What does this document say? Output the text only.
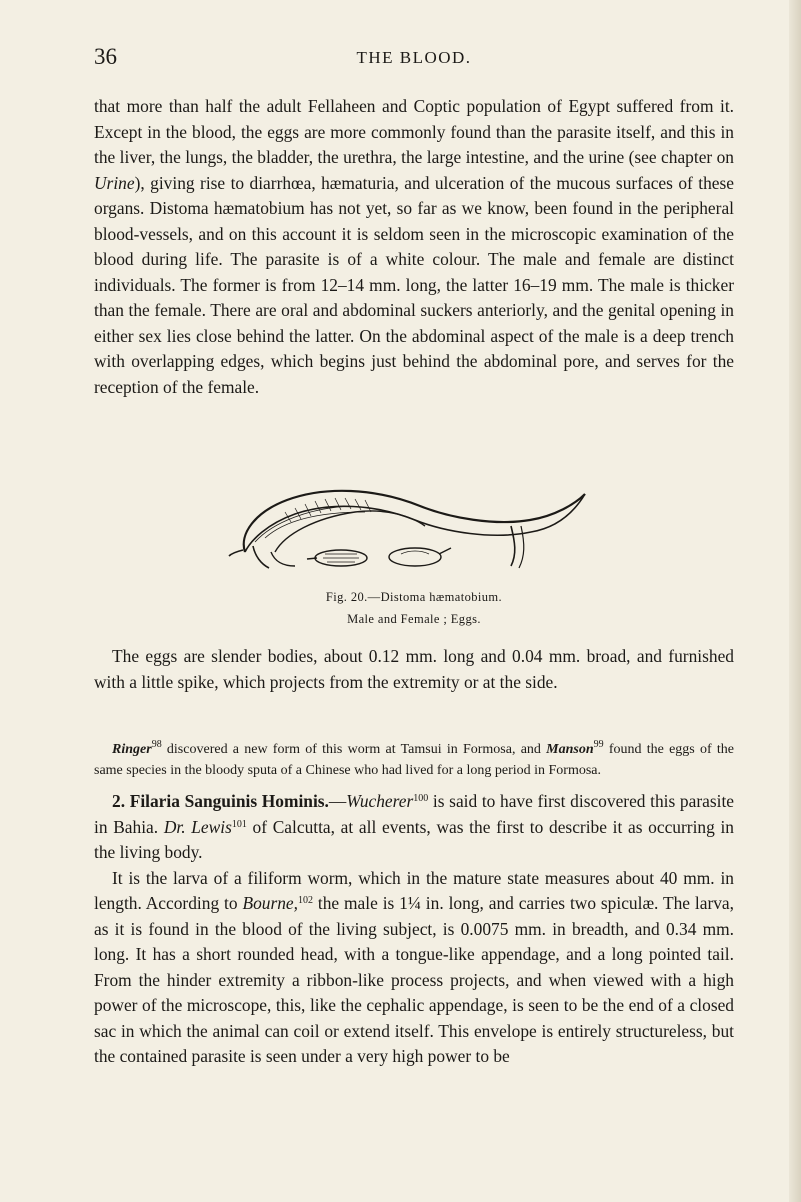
36	THE BLOOD.

that more than half the adult Fellaheen and Coptic population of Egypt suffered from it. Except in the blood, the eggs are more commonly found than the parasite itself, and this in the liver, the lungs, the bladder, the urethra, the large intestine, and the urine (see chapter on Urine), giving rise to diarrhœa, hæmaturia, and ulceration of the mucous surfaces of these organs. Distoma hæmatobium has not yet, so far as we know, been found in the peripheral blood-vessels, and on this account it is seldom seen in the microscopic examination of the blood during life. The parasite is of a white colour. The male and female are distinct individuals. The former is from 12–14 mm. long, the latter 16–19 mm. The male is thicker than the female. There are oral and abdominal suckers anteriorly, and the genital opening in either sex lies close behind the latter. On the abdominal aspect of the male is a deep trench with overlapping edges, which begins just behind the abdominal pore, and serves for the reception of the female.

Fig. 20.—Distoma hæmatobium.
Male and Female ; Eggs.

The eggs are slender bodies, about 0.12 mm. long and 0.04 mm. broad, and furnished with a little spike, which projects from the extremity or at the side.

Ringer$^{98}$ discovered a new form of this worm at Tamsui in Formosa, and Manson$^{99}$ found the eggs of the same species in the bloody sputa of a Chinese who had lived for a long period in Formosa.

2. Filaria Sanguinis Hominis.—Wucherer$^{100}$ is said to have first discovered this parasite in Bahia. Dr. Lewis$^{101}$ of Calcutta, at all events, was the first to describe it as occurring in the living body.

It is the larva of a filiform worm, which in the mature state measures about 40 mm. in length. According to Bourne,$^{102}$ the male is 1¼ in. long, and carries two spiculæ. The larva, as it is found in the blood of the living subject, is 0.0075 mm. in breadth, and 0.34 mm. long. It has a short rounded head, with a tongue-like appendage, and a long pointed tail. From the hinder extremity a ribbon-like process projects, and when viewed with a high power of the microscope, this, like the cephalic appendage, is seen to be the end of a closed sac in which the animal can coil or extend itself. This envelope is entirely structureless, but the contained parasite is seen under a very high power to be
